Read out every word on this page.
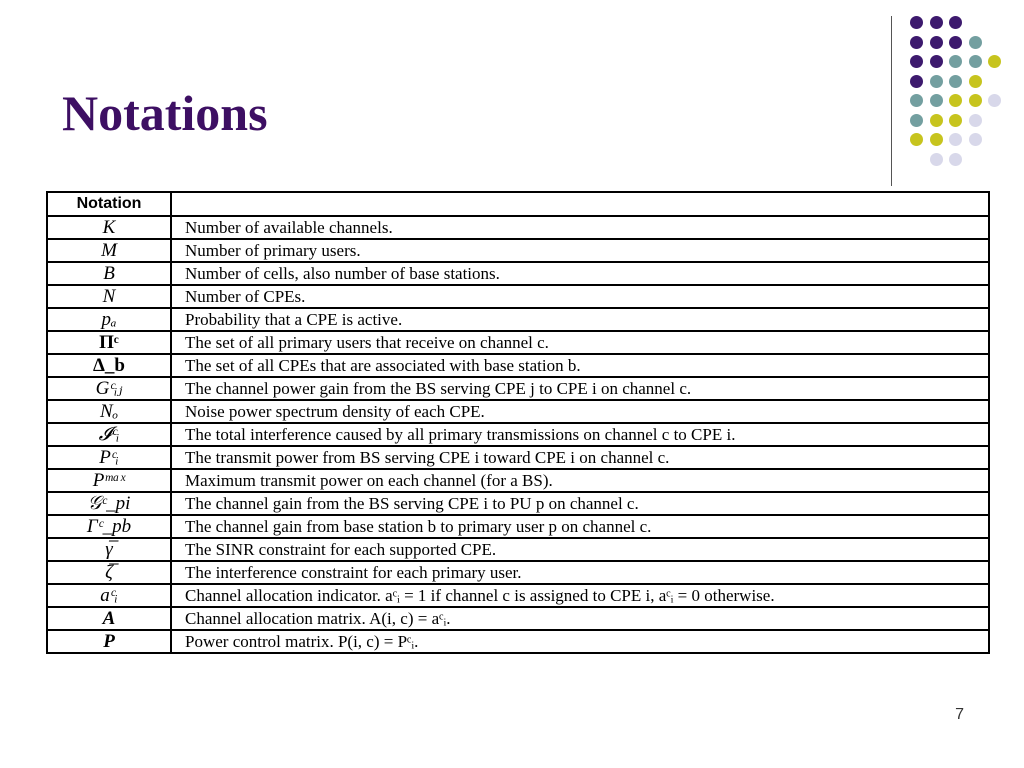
Notations
Notation	
K	Number of available channels.
M	Number of primary users.
B	Number of cells, also number of base stations.
N	Number of CPEs.
pₐ	Probability that a CPE is active.
Πᶜ	The set of all primary users that receive on channel c.
Δ_b	The set of all CPEs that are associated with base station b.
Gᶜᵢⱼ	The channel power gain from the BS serving CPE j to CPE i on channel c.
Nₒ	Noise power spectrum density of each CPE.
𝓘ᶜᵢ	The total interference caused by all primary transmissions on channel c to CPE i.
Pᶜᵢ	The transmit power from BS serving CPE i toward CPE i on channel c.
Pᵐᵃˣ	Maximum transmit power on each channel (for a BS).
𝒢ᶜ_pi	The channel gain from the BS serving CPE i to PU p on channel c.
Γᶜ_pb	The channel gain from base station b to primary user p on channel c.
γ̅	The SINR constraint for each supported CPE.
ζ̅	The interference constraint for each primary user.
aᶜᵢ	Channel allocation indicator. aᶜᵢ = 1 if channel c is assigned to CPE i, aᶜᵢ = 0 otherwise.
A	Channel allocation matrix. A(i, c) = aᶜᵢ.
P	Power control matrix. P(i, c) = Pᶜᵢ.
7
